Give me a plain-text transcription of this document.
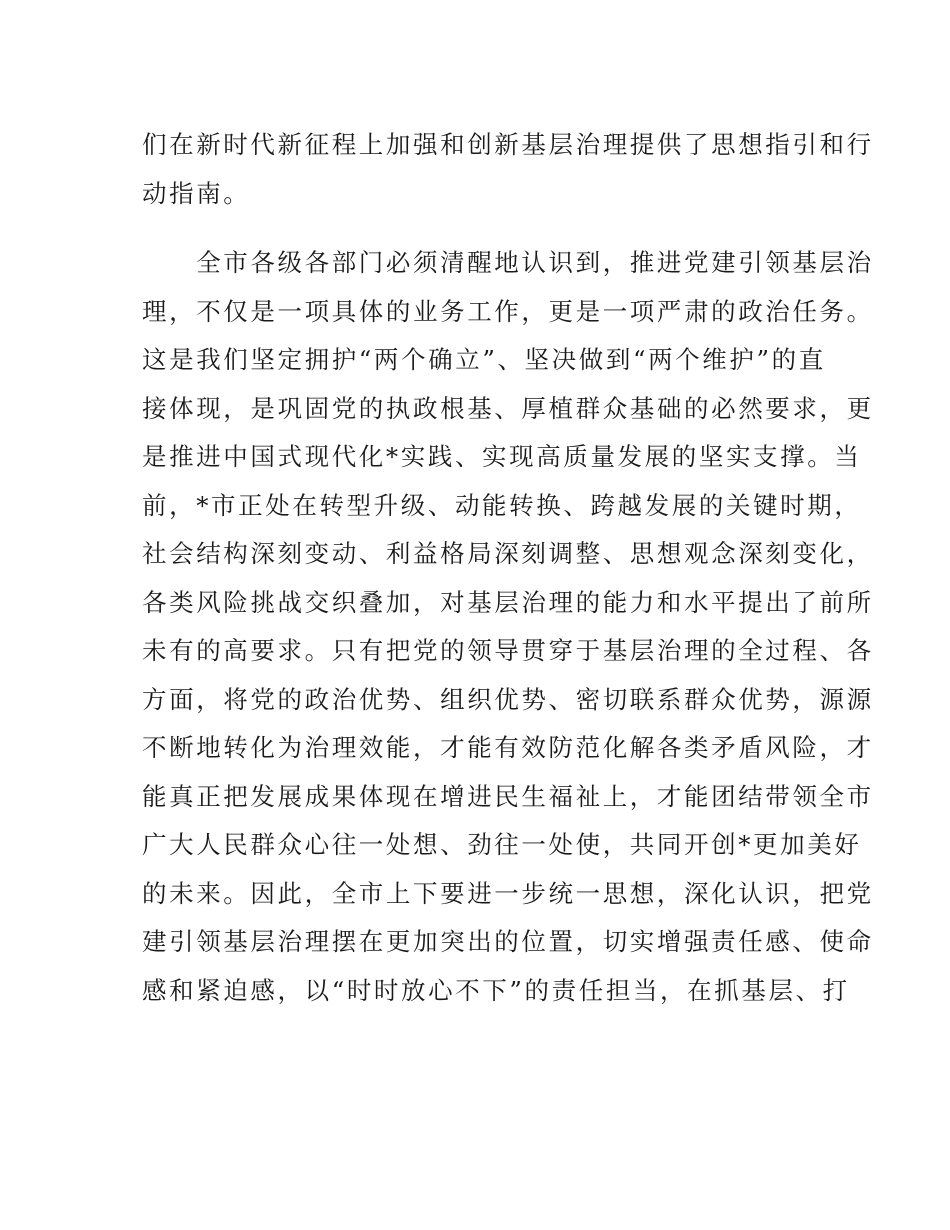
们在新时代新征程上加强和创新基层治理提供了思想指引和行
动指南。
　　全市各级各部门必须清醒地认识到，推进党建引领基层治
理，不仅是一项具体的业务工作，更是一项严肃的政治任务。
这是我们坚定拥护“两个确立”、坚决做到“两个维护”的直
接体现，是巩固党的执政根基、厚植群众基础的必然要求，更
是推进中国式现代化*实践、实现高质量发展的坚实支撑。当
前，*市正处在转型升级、动能转换、跨越发展的关键时期，
社会结构深刻变动、利益格局深刻调整、思想观念深刻变化，
各类风险挑战交织叠加，对基层治理的能力和水平提出了前所
未有的高要求。只有把党的领导贯穿于基层治理的全过程、各
方面，将党的政治优势、组织优势、密切联系群众优势，源源
不断地转化为治理效能，才能有效防范化解各类矛盾风险，才
能真正把发展成果体现在增进民生福祉上，才能团结带领全市
广大人民群众心往一处想、劲往一处使，共同开创*更加美好
的未来。因此，全市上下要进一步统一思想，深化认识，把党
建引领基层治理摆在更加突出的位置，切实增强责任感、使命
感和紧迫感，以“时时放心不下”的责任担当，在抓基层、打
